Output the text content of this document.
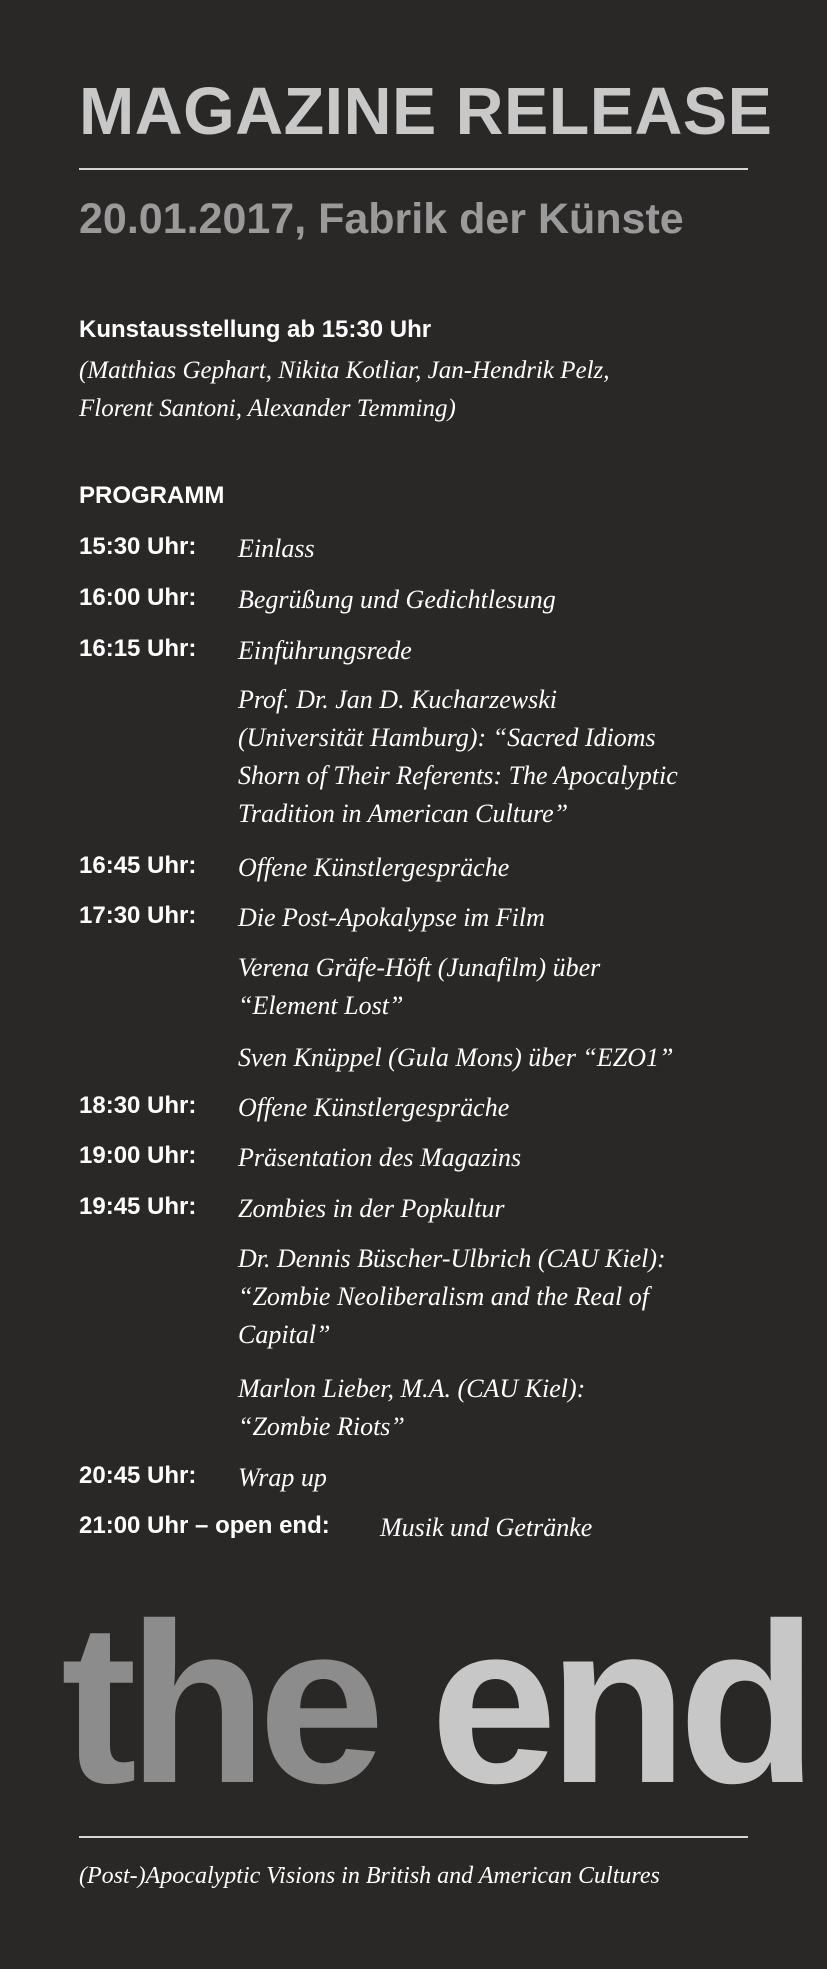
MAGAZINE RELEASE
20.01.2017, Fabrik der Künste
Kunstausstellung ab 15:30 Uhr
(Matthias Gephart, Nikita Kotliar, Jan-Hendrik Pelz,
Florent Santoni, Alexander Temming)
PROGRAMM
15:30 Uhr: Einlass
16:00 Uhr: Begrüßung und Gedichtlesung
16:15 Uhr: Einführungsrede
Prof. Dr. Jan D. Kucharzewski
(Universität Hamburg): “Sacred Idioms
Shorn of Their Referents: The Apocalyptic
Tradition in American Culture”
16:45 Uhr: Offene Künstlergespräche
17:30 Uhr: Die Post-Apokalypse im Film
Verena Gräfe-Höft (Junafilm) über
“Element Lost”
Sven Knüppel (Gula Mons) über “EZO1”
18:30 Uhr: Offene Künstlergespräche
19:00 Uhr: Präsentation des Magazins
19:45 Uhr: Zombies in der Popkultur
Dr. Dennis Büscher-Ulbrich (CAU Kiel):
“Zombie Neoliberalism and the Real of
Capital”
Marlon Lieber, M.A. (CAU Kiel):
“Zombie Riots”
20:45 Uhr: Wrap up
21:00 Uhr – open end: Musik und Getränke
the end
(Post-)Apocalyptic Visions in British and American Cultures
